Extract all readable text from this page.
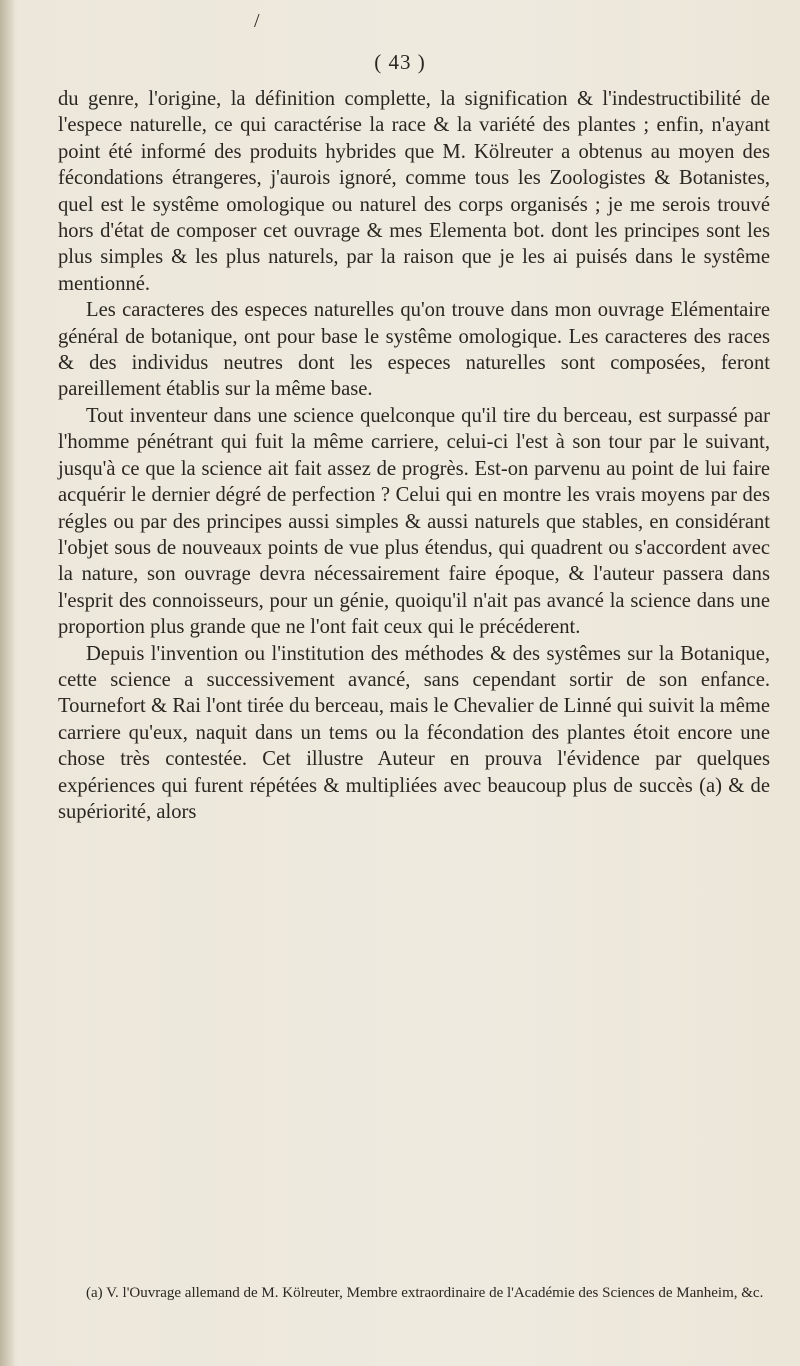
/
( 43 )

du genre, l'origine, la définition complette, la signification & l'indestructibilité de l'espece naturelle, ce qui caractérise la race & la variété des plantes ; enfin, n'ayant point été informé des produits hybrides que M. Kölreuter a obtenus au moyen des fécondations étrangeres, j'aurois ignoré, comme tous les Zoologistes & Botanistes, quel est le systême omologique ou naturel des corps organisés ; je me serois trouvé hors d'état de composer cet ouvrage & mes Elementa bot. dont les principes sont les plus simples & les plus naturels, par la raison que je les ai puisés dans le systême mentionné.

Les caracteres des especes naturelles qu'on trouve dans mon ouvrage Elémentaire général de botanique, ont pour base le systême omologique. Les caracteres des races & des individus neutres dont les especes naturelles sont composées, feront pareillement établis sur la même base.

Tout inventeur dans une science quelconque qu'il tire du berceau, est surpassé par l'homme pénétrant qui fuit la même carriere, celui-ci l'est à son tour par le suivant, jusqu'à ce que la science ait fait assez de progrès. Est-on parvenu au point de lui faire acquérir le dernier dégré de perfection ? Celui qui en montre les vrais moyens par des régles ou par des principes aussi simples & aussi naturels que stables, en considérant l'objet sous de nouveaux points de vue plus étendus, qui quadrent ou s'accordent avec la nature, son ouvrage devra nécessairement faire époque, & l'auteur passera dans l'esprit des connoisseurs, pour un génie, quoiqu'il n'ait pas avancé la science dans une proportion plus grande que ne l'ont fait ceux qui le précéderent.

Depuis l'invention ou l'institution des méthodes & des systêmes sur la Botanique, cette science a successivement avancé, sans cependant sortir de son enfance. Tournefort & Rai l'ont tirée du berceau, mais le Chevalier de Linné qui suivit la même carriere qu'eux, naquit dans un tems ou la fécondation des plantes étoit encore une chose très contestée. Cet illustre Auteur en prouva l'évidence par quelques expériences qui furent répétées & multipliées avec beaucoup plus de succès (a) & de supériorité, alors

(a) V. l'Ouvrage allemand de M. Kölreuter, Membre extraordinaire de l'Académie des Sciences de Manheim, &c.
